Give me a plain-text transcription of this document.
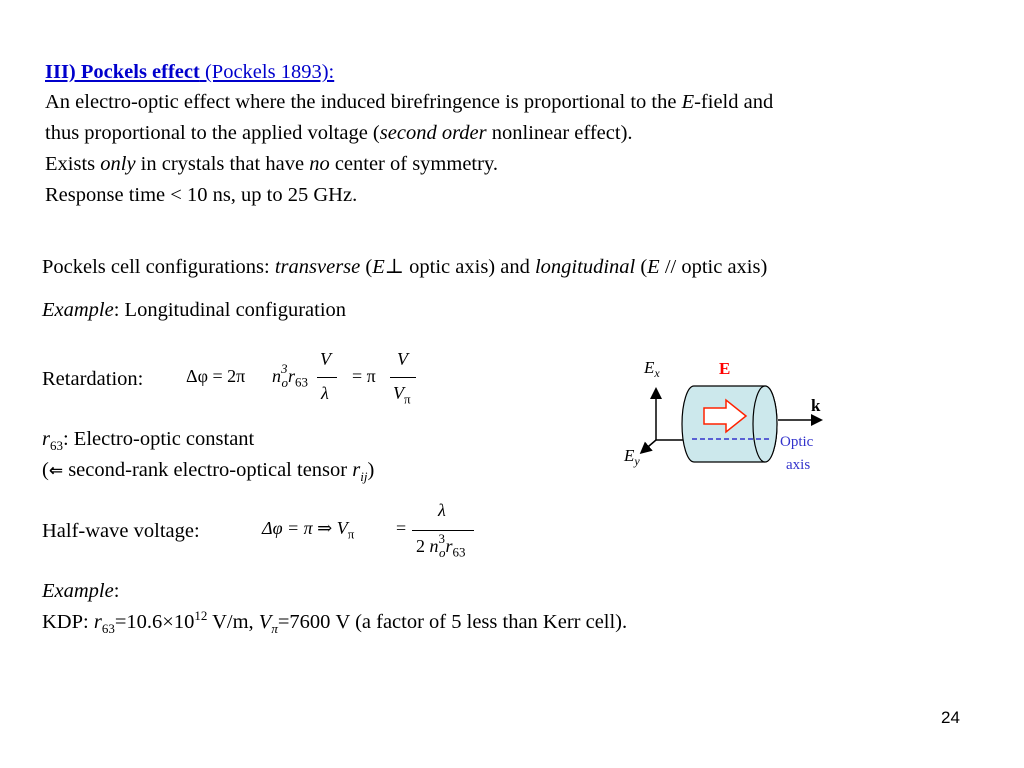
III) Pockels effect (Pockels 1893):
An electro-optic effect where the induced birefringence is proportional to the E-field and
thus proportional to the applied voltage (second order nonlinear effect).
Exists only in crystals that have no center of symmetry.
Response time < 10 ns, up to 25 GHz.
Pockels cell configurations: transverse (E⊥ optic axis) and longitudinal (E // optic axis)
Example: Longitudinal configuration
Retardation: Δφ = 2π $n^3_or_{63}$
V
λ
= π
V
$V_\pi$
$r_{63}$: Electro-optic constant
(⇐ second-rank electro-optical tensor $r_{ij}$)
Half-wave voltage:	Δφ = π ⇒ $V_\pi$ =
λ
2 $n^3_or_{63}$
Example:
KDP: $r_{63}=10.6\times 10^{12}$ V/m, $V_\pi=7600$ V (a factor of 5 less than Kerr cell).
$E_x$
$E_y$
E
k
Optic
axis
24
